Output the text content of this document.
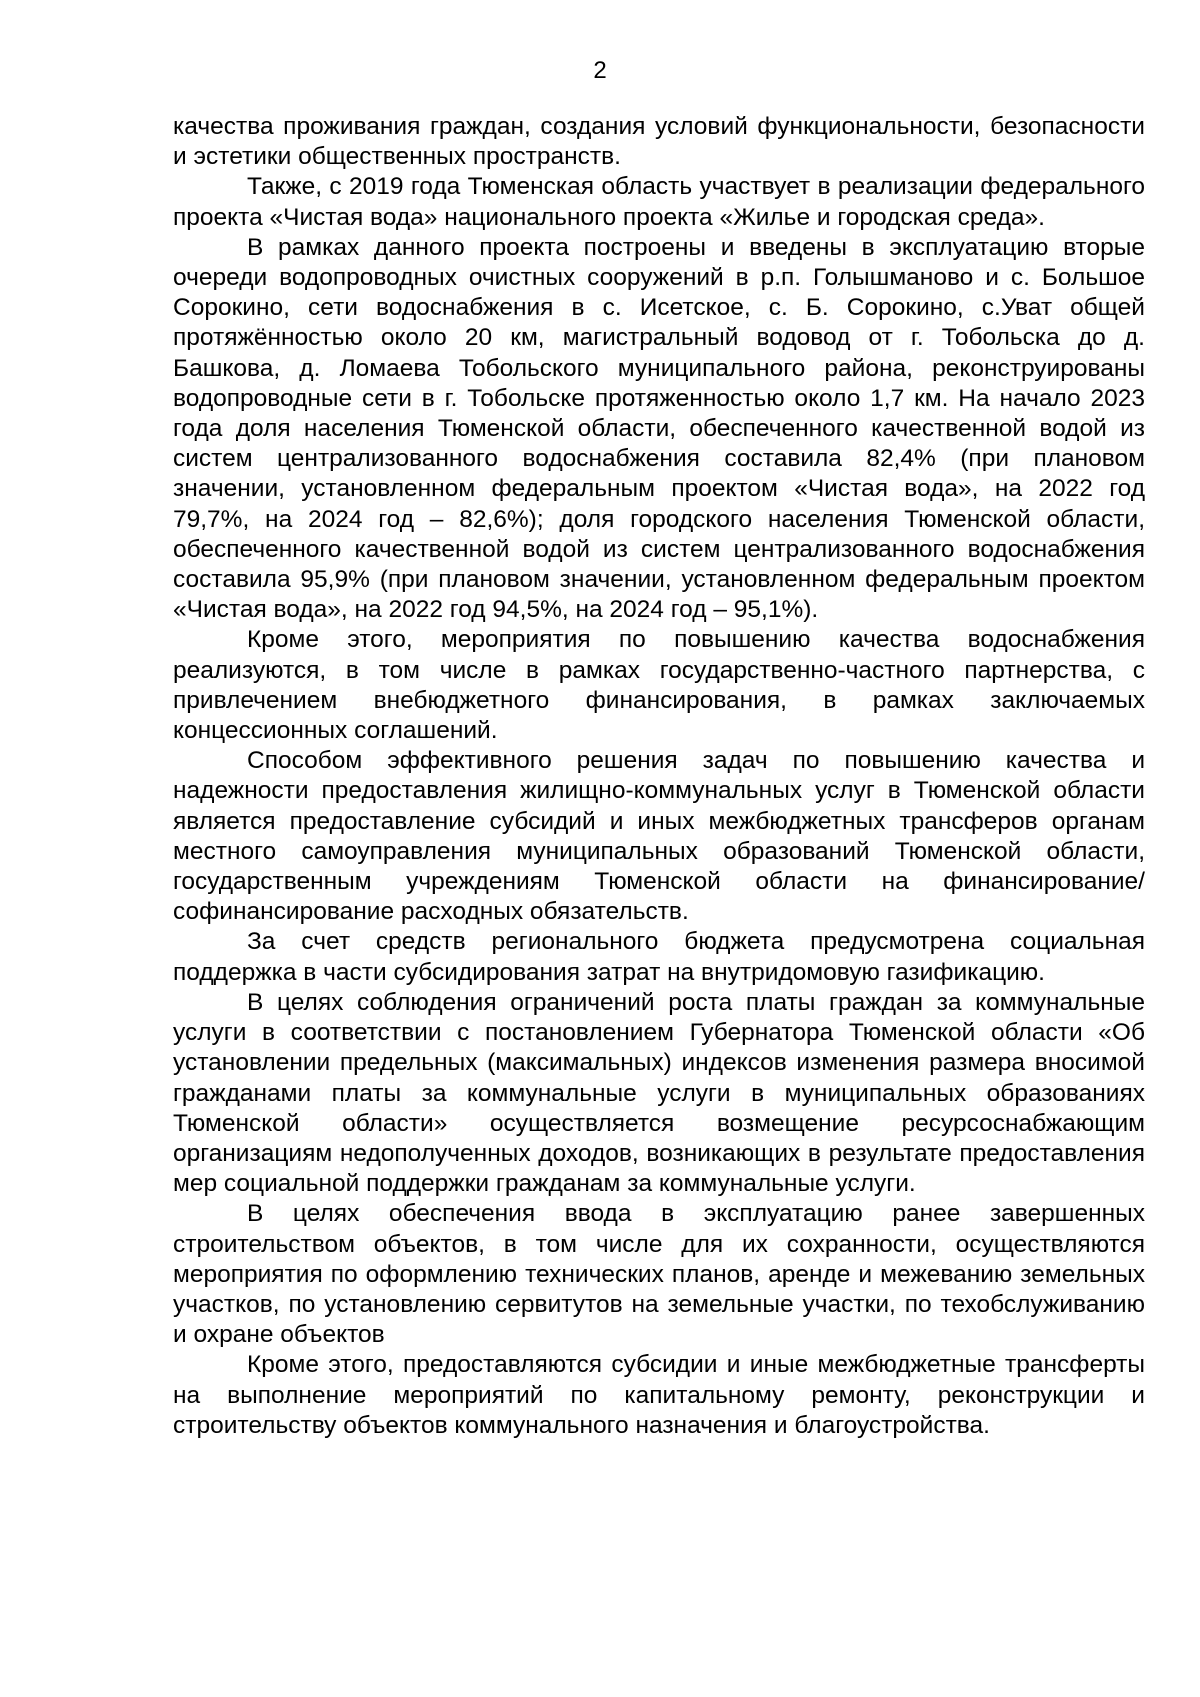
2

качества проживания граждан, создания условий функциональности, безопасности и эстетики общественных пространств.

Также, с 2019 года Тюменская область участвует в реализации федерального проекта «Чистая вода» национального проекта «Жилье и городская среда».

В рамках данного проекта построены и введены в эксплуатацию вторые очереди водопроводных очистных сооружений в р.п. Голышманово и с. Большое Сорокино, сети водоснабжения в с. Исетское, с. Б. Сорокино, с.Уват общей протяжённостью около 20 км, магистральный водовод от г. Тобольска до д. Башкова, д. Ломаева Тобольского муниципального района, реконструированы водопроводные сети в г. Тобольске протяженностью около 1,7 км. На начало 2023 года доля населения Тюменской области, обеспеченного качественной водой из систем централизованного водоснабжения составила 82,4% (при плановом значении, установленном федеральным проектом «Чистая вода», на 2022 год 79,7%, на 2024 год – 82,6%); доля городского населения Тюменской области, обеспеченного качественной водой из систем централизованного водоснабжения составила 95,9% (при плановом значении, установленном федеральным проектом «Чистая вода», на 2022 год 94,5%, на 2024 год – 95,1%).

Кроме этого, мероприятия по повышению качества водоснабжения реализуются, в том числе в рамках государственно-частного партнерства, с привлечением внебюджетного финансирования, в рамках заключаемых концессионных соглашений.

Способом эффективного решения задач по повышению качества и надежности предоставления жилищно-коммунальных услуг в Тюменской области является предоставление субсидий и иных межбюджетных трансферов органам местного самоуправления муниципальных образований Тюменской области, государственным учреждениям Тюменской области на финансирование/софинансирование расходных обязательств.

За счет средств регионального бюджета предусмотрена социальная поддержка в части субсидирования затрат на внутридомовую газификацию.

В целях соблюдения ограничений роста платы граждан за коммунальные услуги в соответствии с постановлением Губернатора Тюменской области «Об установлении предельных (максимальных) индексов изменения размера вносимой гражданами платы за коммунальные услуги в муниципальных образованиях Тюменской области» осуществляется возмещение ресурсоснабжающим организациям недополученных доходов, возникающих в результате предоставления мер социальной поддержки гражданам за коммунальные услуги.

В целях обеспечения ввода в эксплуатацию ранее завершенных строительством объектов, в том числе для их сохранности, осуществляются мероприятия по оформлению технических планов, аренде и межеванию земельных участков, по установлению сервитутов на земельные участки, по техобслуживанию и охране объектов

Кроме этого, предоставляются субсидии и иные межбюджетные трансферты на выполнение мероприятий по капитальному ремонту, реконструкции и строительству объектов коммунального назначения и благоустройства.
